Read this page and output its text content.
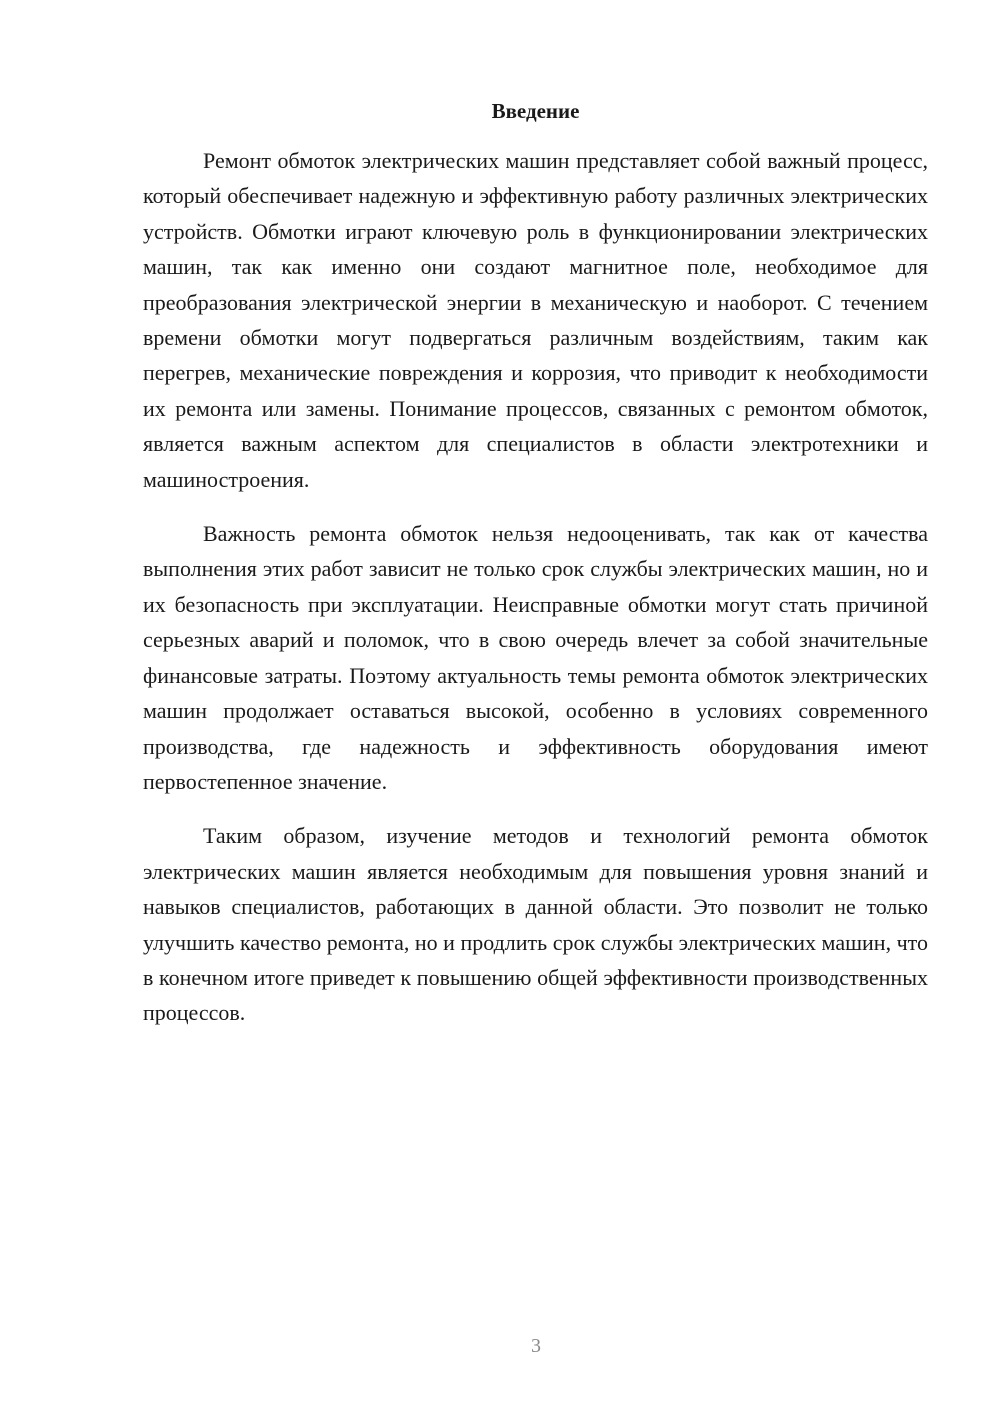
Введение

Ремонт обмоток электрических машин представляет собой важный процесс, который обеспечивает надежную и эффективную работу различных электрических устройств. Обмотки играют ключевую роль в функционировании электрических машин, так как именно они создают магнитное поле, необходимое для преобразования электрической энергии в механическую и наоборот. С течением времени обмотки могут подвергаться различным воздействиям, таким как перегрев, механические повреждения и коррозия, что приводит к необходимости их ремонта или замены. Понимание процессов, связанных с ремонтом обмоток, является важным аспектом для специалистов в области электротехники и машиностроения.

Важность ремонта обмоток нельзя недооценивать, так как от качества выполнения этих работ зависит не только срок службы электрических машин, но и их безопасность при эксплуатации. Неисправные обмотки могут стать причиной серьезных аварий и поломок, что в свою очередь влечет за собой значительные финансовые затраты. Поэтому актуальность темы ремонта обмоток электрических машин продолжает оставаться высокой, особенно в условиях современного производства, где надежность и эффективность оборудования имеют первостепенное значение.

Таким образом, изучение методов и технологий ремонта обмоток электрических машин является необходимым для повышения уровня знаний и навыков специалистов, работающих в данной области. Это позволит не только улучшить качество ремонта, но и продлить срок службы электрических машин, что в конечном итоге приведет к повышению общей эффективности производственных процессов.

3
